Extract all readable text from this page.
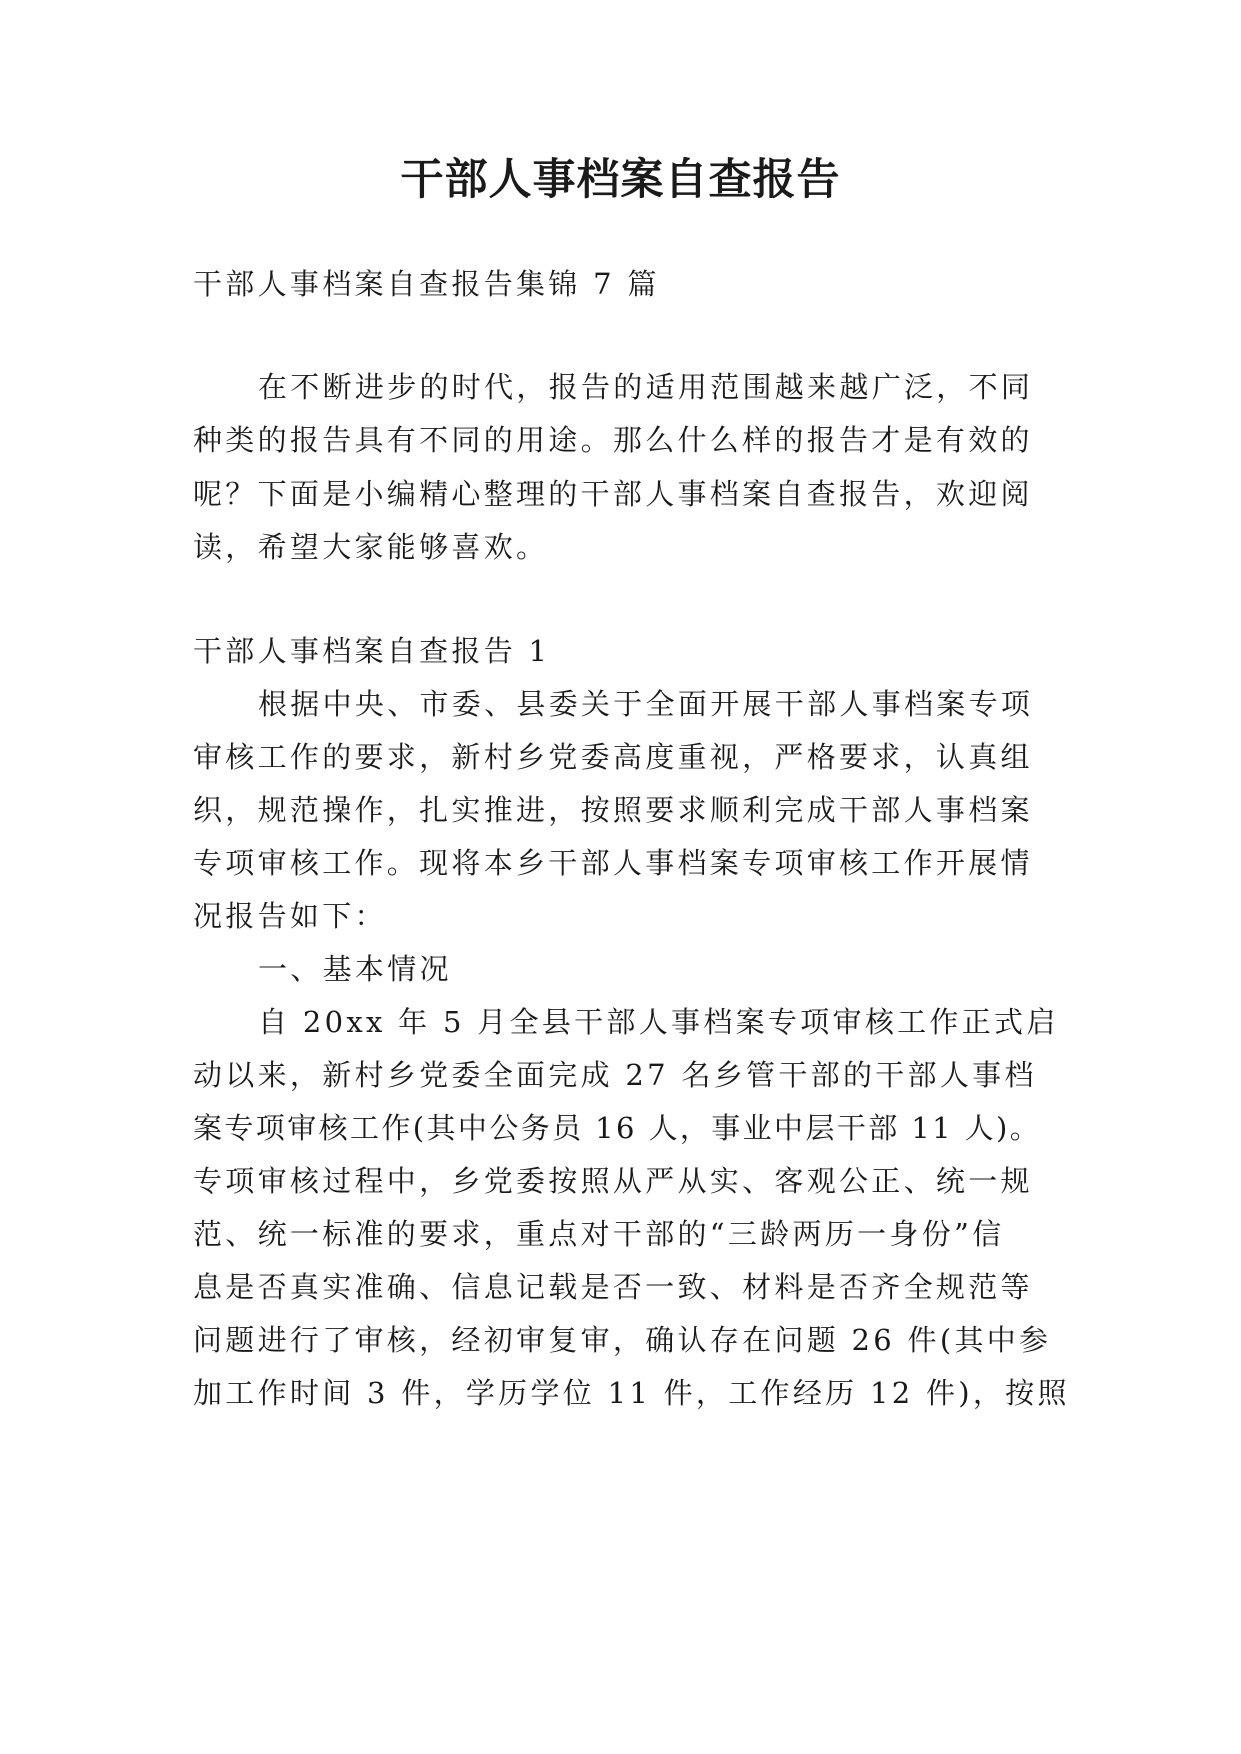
干部人事档案自查报告
干部人事档案自查报告集锦 7 篇
在不断进步的时代，报告的适用范围越来越广泛，不同
种类的报告具有不同的用途。那么什么样的报告才是有效的
呢？下面是小编精心整理的干部人事档案自查报告，欢迎阅
读，希望大家能够喜欢。
干部人事档案自查报告 1
根据中央、市委、县委关于全面开展干部人事档案专项
审核工作的要求，新村乡党委高度重视，严格要求，认真组
织，规范操作，扎实推进，按照要求顺利完成干部人事档案
专项审核工作。现将本乡干部人事档案专项审核工作开展情
况报告如下：
一、基本情况
自 20xx 年 5 月全县干部人事档案专项审核工作正式启
动以来，新村乡党委全面完成 27 名乡管干部的干部人事档
案专项审核工作(其中公务员 16 人，事业中层干部 11 人)。
专项审核过程中，乡党委按照从严从实、客观公正、统一规
范、统一标准的要求，重点对干部的“三龄两历一身份”信
息是否真实准确、信息记载是否一致、材料是否齐全规范等
问题进行了审核，经初审复审，确认存在问题 26 件(其中参
加工作时间 3 件，学历学位 11 件，工作经历 12 件)，按照
